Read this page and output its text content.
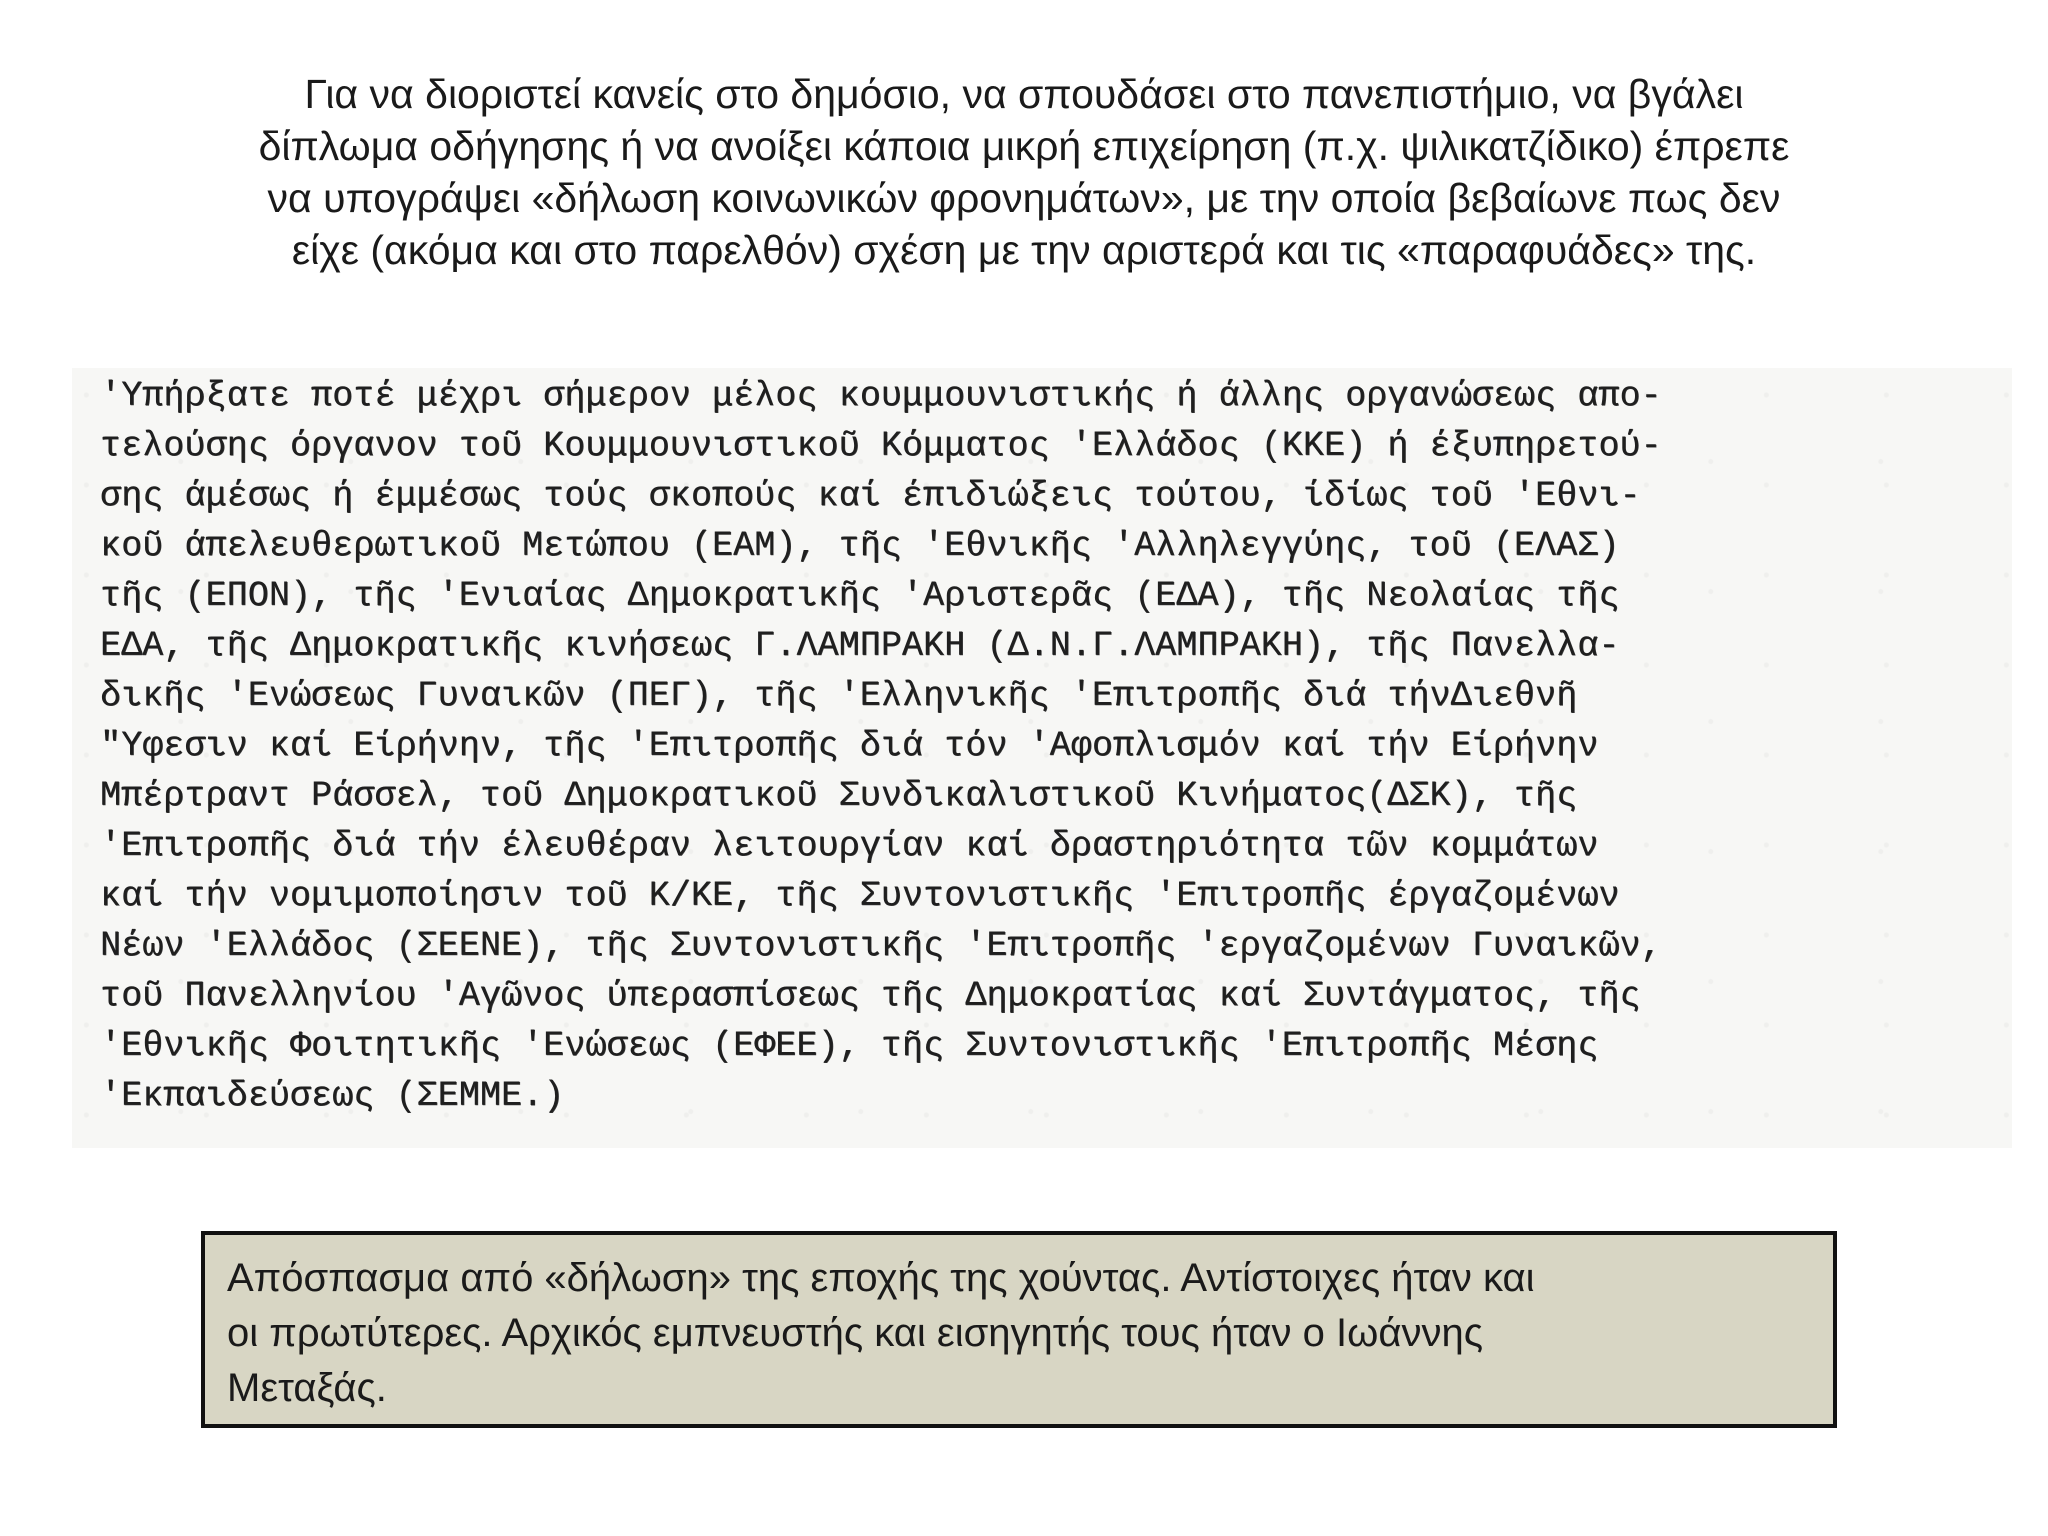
Για να διοριστεί κανείς στο δημόσιο, να σπουδάσει στο πανεπιστήμιο, να βγάλει
δίπλωμα οδήγησης ή να ανοίξει κάποια μικρή επιχείρηση (π.χ. ψιλικατζίδικο) έπρεπε
να υπογράψει «δήλωση κοινωνικών φρονημάτων», με την οποία βεβαίωνε πως δεν
είχε (ακόμα και στο παρελθόν) σχέση με την αριστερά και τις «παραφυάδες» της.
'Υπήρξατε ποτέ μέχρι σήμερον μέλος κουμμουνιστικής ή άλλης οργανώσεως απο-
τελούσης όργανον τοῦ Κουμμουνιστικοῦ Κόμματος 'Ελλάδος (ΚΚΕ) ή έξυπηρετού-
σης άμέσως ή έμμέσως τούς σκοπούς καί έπιδιώξεις τούτου, ίδίως τοῦ 'Εθνι-
κοῦ άπελευθερωτικοῦ Μετώπου (ΕΑΜ), τῆς 'Εθνικῆς 'Αλληλεγγύης, τοῦ (ΕΛΑΣ)
τῆς (ΕΠΟΝ), τῆς 'Ενιαίας Δημοκρατικῆς 'Αριστερᾶς (ΕΔΑ), τῆς Νεολαίας τῆς
ΕΔΑ, τῆς Δημοκρατικῆς κινήσεως Γ.ΛΑΜΠΡΑΚΗ (Δ.Ν.Γ.ΛΑΜΠΡΑΚΗ), τῆς Πανελλα-
δικῆς 'Ενώσεως Γυναικῶν (ΠΕΓ), τῆς 'Ελληνικῆς 'Επιτροπῆς διά τήνΔιεθνῆ
"Υφεσιν καί Είρήνην, τῆς 'Επιτροπῆς διά τόν 'Αφοπλισμόν καί τήν Είρήνην
Μπέρτραντ Ράσσελ, τοῦ Δημοκρατικοῦ Συνδικαλιστικοῦ Κινήματος(ΔΣΚ), τῆς
'Επιτροπῆς διά τήν έλευθέραν λειτουργίαν καί δραστηριότητα τῶν κομμάτων
καί τήν νομιμοποίησιν τοῦ Κ/ΚΕ, τῆς Συντονιστικῆς 'Επιτροπῆς έργαζομένων
Νέων 'Ελλάδος (ΣΕΕΝΕ), τῆς Συντονιστικῆς 'Επιτροπῆς 'εργαζομένων Γυναικῶν,
τοῦ Πανελληνίου 'Αγῶνος ύπερασπίσεως τῆς Δημοκρατίας καί Συντάγματος, τῆς
'Εθνικῆς Φοιτητικῆς 'Ενώσεως (ΕΦΕΕ), τῆς Συντονιστικῆς 'Επιτροπῆς Μέσης
'Εκπαιδεύσεως (ΣΕΜΜΕ.)
Απόσπασμα από «δήλωση» της εποχής της χούντας. Αντίστοιχες ήταν και
οι πρωτύτερες. Αρχικός εμπνευστής και εισηγητής τους ήταν ο Ιωάννης
Μεταξάς.
